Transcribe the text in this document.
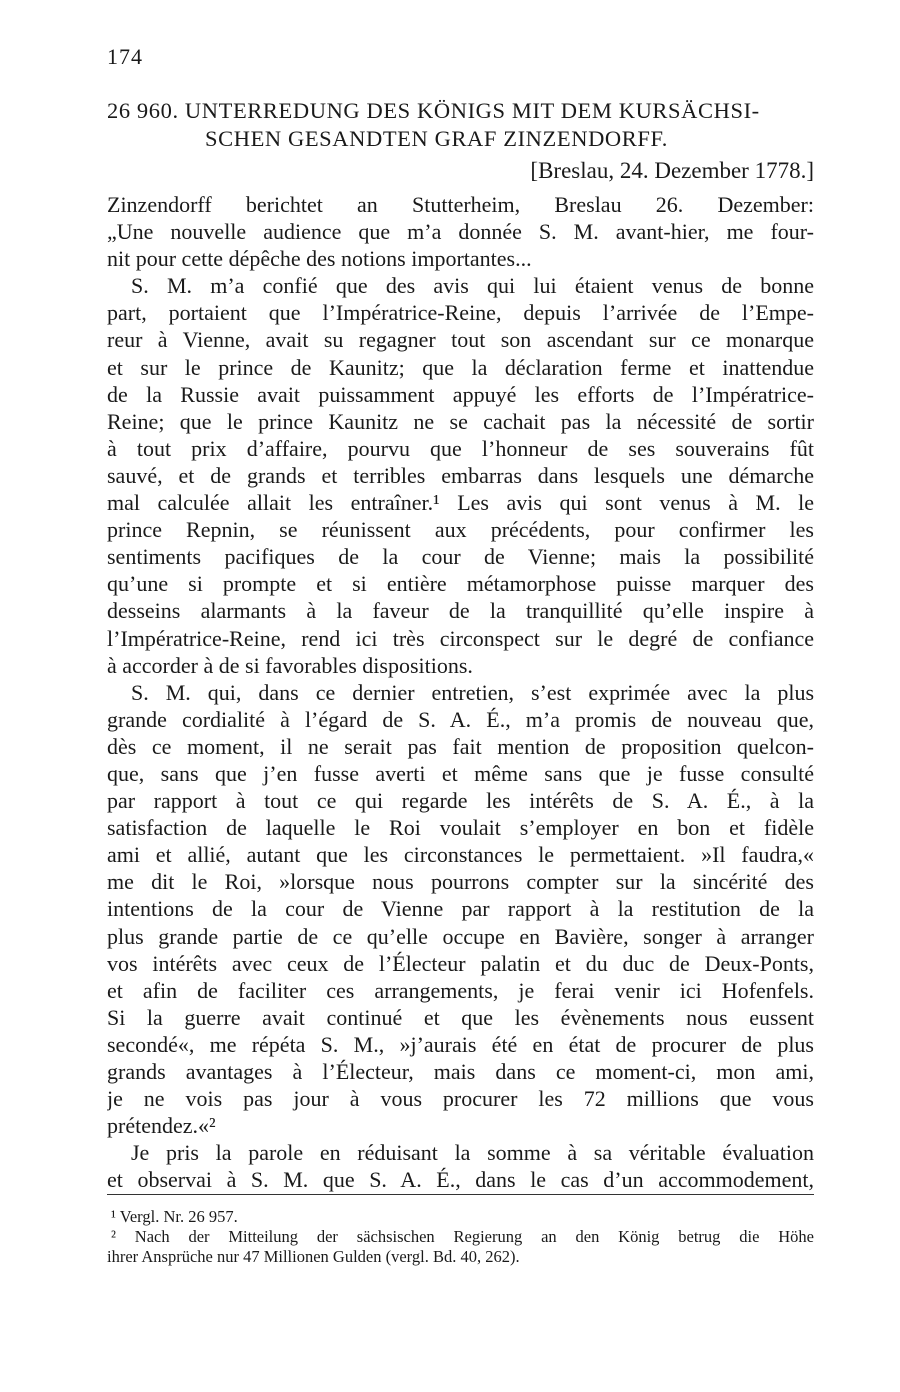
174
26 960. UNTERREDUNG DES KÖNIGS MIT DEM KURSÄCHSI-
SCHEN GESANDTEN GRAF ZINZENDORFF.
[Breslau, 24. Dezember 1778.]
Zinzendorff berichtet an Stutterheim, Breslau 26. Dezember:
„Une nouvelle audience que m’a donnée S. M. avant-hier, me four-
nit pour cette dépêche des notions importantes...
S. M. m’a confié que des avis qui lui étaient venus de bonne
part, portaient que l’Impératrice-Reine, depuis l’arrivée de l’Empe-
reur à Vienne, avait su regagner tout son ascendant sur ce monarque
et sur le prince de Kaunitz; que la déclaration ferme et inattendue
de la Russie avait puissamment appuyé les efforts de l’Impératrice-
Reine; que le prince Kaunitz ne se cachait pas la nécessité de sortir
à tout prix d’affaire, pourvu que l’honneur de ses souverains fût
sauvé, et de grands et terribles embarras dans lesquels une démarche
mal calculée allait les entraîner.¹ Les avis qui sont venus à M. le
prince Repnin, se réunissent aux précédents, pour confirmer les
sentiments pacifiques de la cour de Vienne; mais la possibilité
qu’une si prompte et si entière métamorphose puisse marquer des
desseins alarmants à la faveur de la tranquillité qu’elle inspire à
l’Impératrice-Reine, rend ici très circonspect sur le degré de confiance
à accorder à de si favorables dispositions.
S. M. qui, dans ce dernier entretien, s’est exprimée avec la plus
grande cordialité à l’égard de S. A. É., m’a promis de nouveau que,
dès ce moment, il ne serait pas fait mention de proposition quelcon-
que, sans que j’en fusse averti et même sans que je fusse consulté
par rapport à tout ce qui regarde les intérêts de S. A. É., à la
satisfaction de laquelle le Roi voulait s’employer en bon et fidèle
ami et allié, autant que les circonstances le permettaient. »Il faudra,«
me dit le Roi, »lorsque nous pourrons compter sur la sincérité des
intentions de la cour de Vienne par rapport à la restitution de la
plus grande partie de ce qu’elle occupe en Bavière, songer à arranger
vos intérêts avec ceux de l’Électeur palatin et du duc de Deux-Ponts,
et afin de faciliter ces arrangements, je ferai venir ici Hofenfels.
Si la guerre avait continué et que les évènements nous eussent
secondé«, me répéta S. M., »j’aurais été en état de procurer de plus
grands avantages à l’Électeur, mais dans ce moment-ci, mon ami,
je ne vois pas jour à vous procurer les 72 millions que vous
prétendez.«²
Je pris la parole en réduisant la somme à sa véritable évaluation
et observai à S. M. que S. A. É., dans le cas d’un accommodement,
¹ Vergl. Nr. 26 957.
² Nach der Mitteilung der sächsischen Regierung an den König betrug die Höhe
ihrer Ansprüche nur 47 Millionen Gulden (vergl. Bd. 40, 262).
